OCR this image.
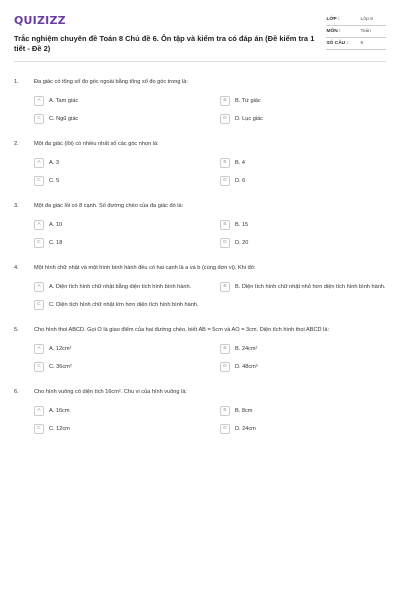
QUIZIZZ
Trắc nghiệm chuyên đề Toán 8 Chủ đề 6. Ôn tập và kiểm tra có đáp án (Đề kiểm tra 1 tiết - Đề 2)
LỚP :	Lớp 8
MÔN :	Toán
SỐ CÂU :	6
1.	Đa giác có tổng số đo góc ngoài bằng tổng số đo góc trong là:
A	A. Tam giác	B	B. Tứ giác
C	C. Ngũ giác	D	D. Lục giác
2.	Một đa giác (lồi) có nhiều nhất số các góc nhọn là:
A	A. 3	B	B. 4
C	C. 5	D	D. 6
3.	Một đa giác lồi có 8 cạnh. Số đường chéo của đa giác đó là:
A	A. 10	B	B. 15
C	C. 18	D	D. 20
4.	Một hình chữ nhật và một hình bình hành đều có hai cạnh là a và b (cùng đơn vị). Khi đó:
A	A. Diện tích hình chữ nhật bằng diện tích hình bình hành.	B	B. Diện tích hình chữ nhật nhỏ hơn diện tích hình bình hành.
C	C. Diện tích hình chữ nhật lớn hơn diện tích hình bình hành.
5.	Cho hình thoi ABCD. Gọi O là giao điểm của hai đường chéo, biết AB = 5cm và AO = 3cm. Diện tích hình thoi ABCD là:
A	A. 12cm²	B	B. 24cm²
C	C. 36cm²	D	D. 48cm²
6.	Cho hình vuông có diện tích 16cm². Chu vi của hình vuông là:
A	A. 16cm	B	B. 8cm
C	C. 12cm	D	D. 24cm
